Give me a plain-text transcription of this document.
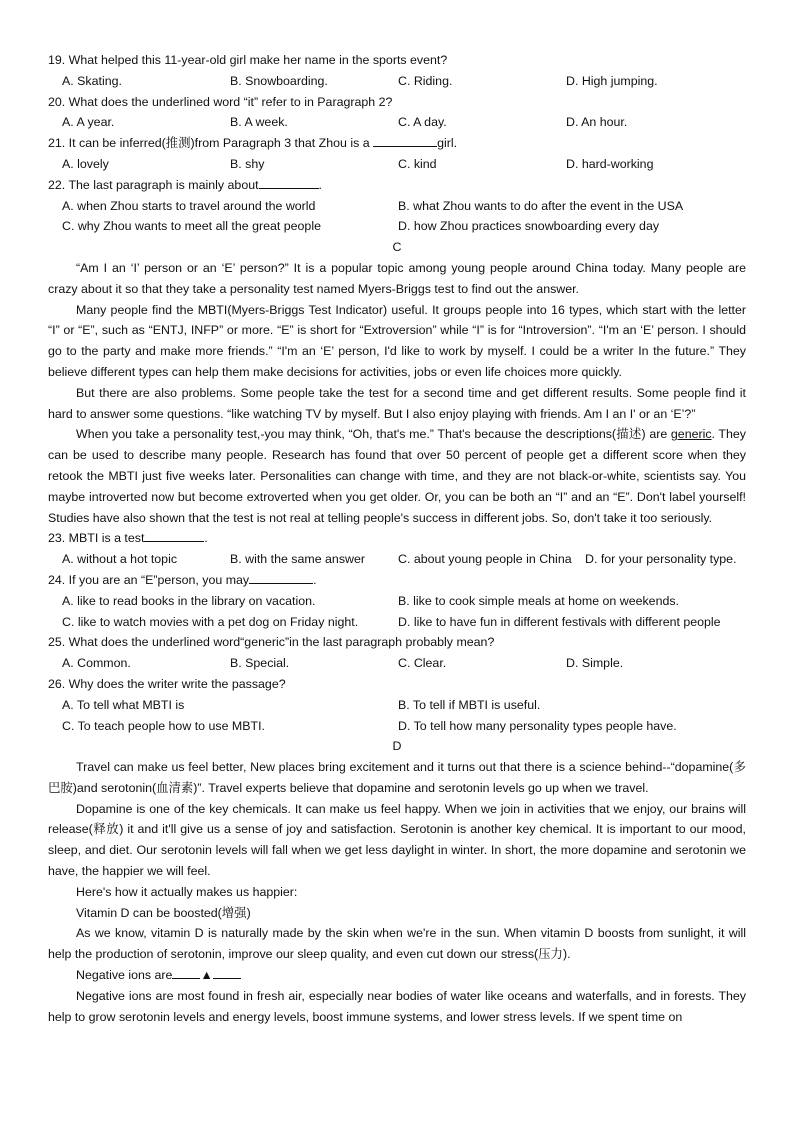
19. What helped this 11-year-old girl make her name in the sports event?
A. Skating.	B. Snowboarding.	C. Riding.	D. High jumping.
20. What does the underlined word “it” refer to in Paragraph 2?
A. A year.	B. A week.	C. A day.	D. An hour.
21. It can be inferred(推测)from Paragraph 3 that Zhou is a	girl.
A. lovely	B. shy	C. kind	D. hard-working
22. The last paragraph is mainly about	.
A. when Zhou starts to travel around the world	B. what Zhou wants to do after the event in the USA
C. why Zhou wants to meet all the great people	D. how Zhou practices snowboarding every day
C

“Am I an ‘I’ person or an ‘E’ person?” It is a popular topic among young people around China today. Many people are crazy about it so that they take a personality test named Myers-Briggs test to find out the answer.

Many people find the MBTI(Myers-Briggs Test Indicator) useful. It groups people into 16 types, which start with the letter “I” or “E”, such as “ENTJ, INFP” or more. “E” is short for “Extroversion” while “I” is for “Introversion”. “I'm an ‘E’ person. I should go to the party and make more friends.” “I'm an ‘E’ person, I'd like to work by myself. I could be a writer In the future.” They believe different types can help them make decisions for activities, jobs or even life choices more quickly.

But there are also problems. Some people take the test for a second time and get different results. Some people find it hard to answer some questions. “like watching TV by myself. But I also enjoy playing with friends. Am I an I' or an ‘E’?”

When you take a personality test,-you may think, “Oh, that's me.” That's because the descriptions(描述) are generic. They can be used to describe many people. Research has found that over 50 percent of people get a different score when they retook the MBTI just five weeks later. Personalities can change with time, and they are not black-or-white, scientists say. You maybe introverted now but become extroverted when you get older. Or, you can be both an “I” and an “E”. Don't label yourself! Studies have also shown that the test is not real at telling people's success in different jobs. So, don't take it too seriously.

23. MBTI is a test	.
A. without a hot topic	B. with the same answer	C. about young people in China D. for your personality type.
24. If you are an “E”person, you may	.
A. like to read books in the library on vacation.	B. like to cook simple meals at home on weekends.
C. like to watch movies with a pet dog on Friday night.	D. like to have fun in different festivals with different people
25. What does the underlined word“generic”in the last paragraph probably mean?
A. Common.	B. Special.	C. Clear.	D. Simple.
26. Why does the writer write the passage?
A. To tell what MBTI is	B. To tell if MBTI is useful.
C. To teach people how to use MBTI.	D. To tell how many personality types people have.
D

Travel can make us feel better, New places bring excitement and it turns out that there is a science behind--“dopamine(多巴胺)and serotonin(血清素)”. Travel experts believe that dopamine and serotonin levels go up when we travel.

Dopamine is one of the key chemicals. It can make us feel happy. When we join in activities that we enjoy, our brains will release(释放) it and it'll give us a sense of joy and satisfaction. Serotonin is another key chemical. It is important to our mood, sleep, and diet. Our serotonin levels will fall when we get less daylight in winter. In short, the more dopamine and serotonin we have, the happier we will feel.

Here's how it actually makes us happier:

Vitamin D can be boosted(增强)

As we know, vitamin D is naturally made by the skin when we're in the sun. When vitamin D boosts from sunlight, it will help the production of serotonin, improve our sleep quality, and even cut down our stress(压力).

Negative ions are ▲

Negative ions are most found in fresh air, especially near bodies of water like oceans and waterfalls, and in forests. They help to grow serotonin levels and energy levels, boost immune systems, and lower stress levels. If we spent time on
